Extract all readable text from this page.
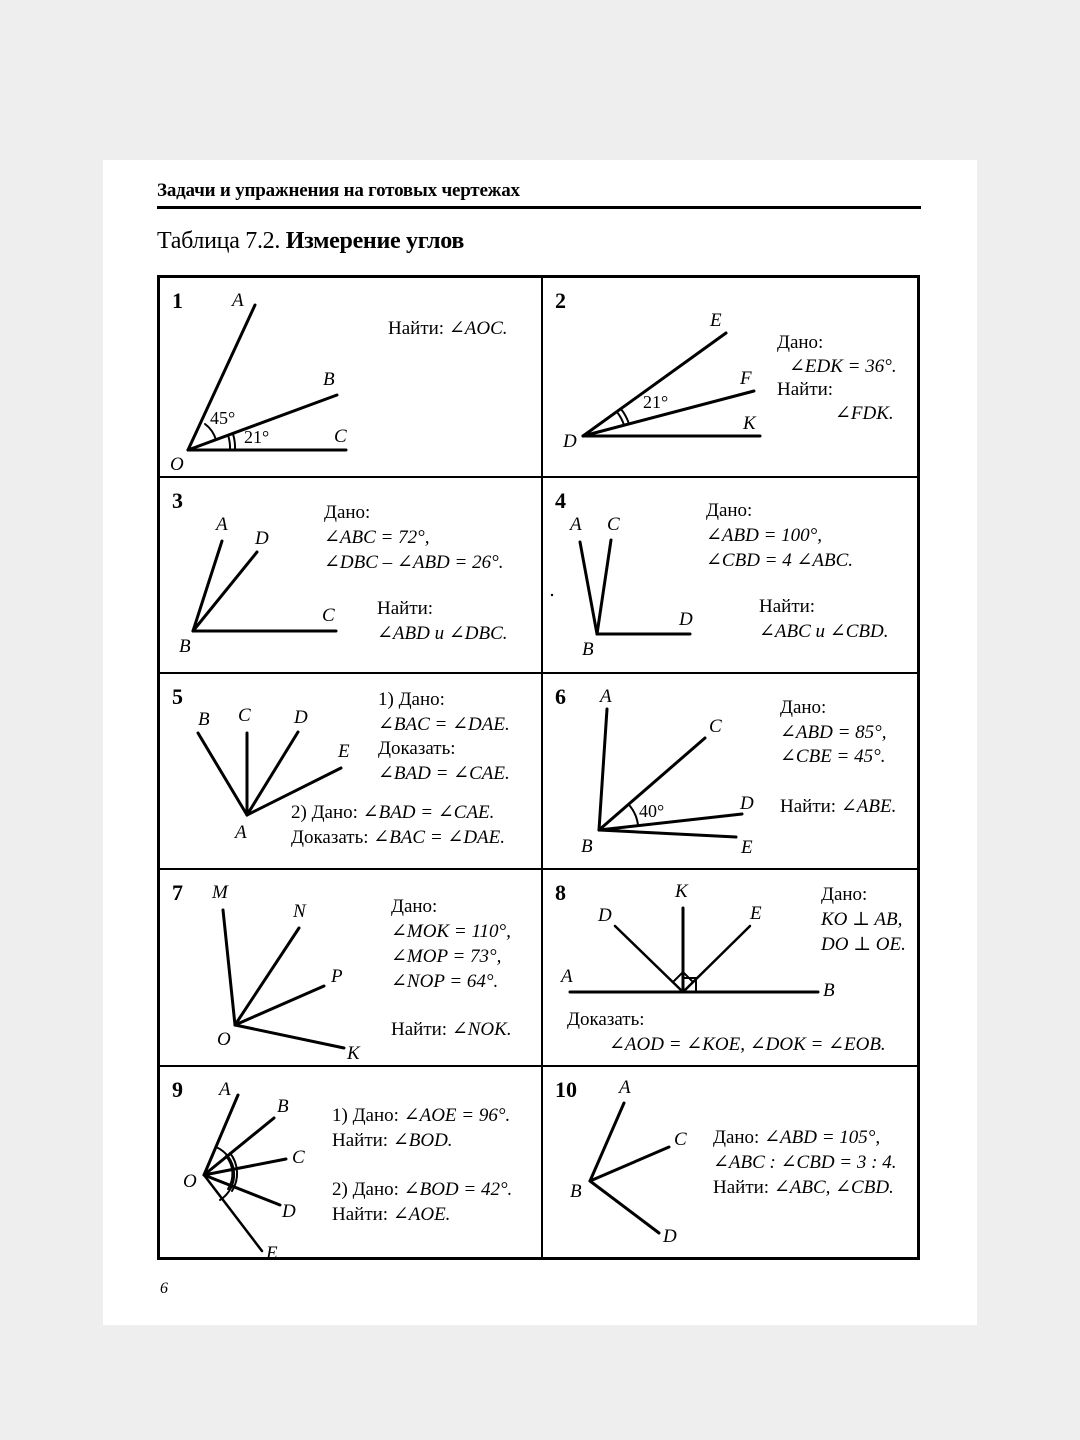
Задачи и упражнения на готовых чертежах
Таблица 7.2. Измерение углов
1	A
B
C
O
45°
21°
Найти: ∠AOC.
2
E
F
K
D
21°
Дано:
∠EDK = 36°.
Найти:
∠FDK.
3
A
D
C
B
Дано:
∠ABC = 72°,
∠DBC – ∠ABD = 26°.
Найти:
∠ABD и ∠DBC.
4
A C
D
B
Дано:
∠ABD = 100°,
∠CBD = 4 ∠ABC.
Найти:
∠ABC и ∠CBD.
5
B C D
E
A
1) Дано:
∠BAC = ∠DAE.
Доказать:
∠BAD = ∠CAE.
2) Дано: ∠BAD = ∠CAE.
Доказать: ∠BAC = ∠DAE.
6 A
C
D
B	E
40°
Дано:
∠ABD = 85°,
∠CBE = 45°.
Найти: ∠ABE.
7 M
N
P
O
K
Дано:
∠MOK = 110°,
∠MOP = 73°,
∠NOP = 64°.
Найти: ∠NOK.
8	K
D	E
A
B
Дано:
KO ⊥ AB,
DO ⊥ OE.
Доказать:
∠AOD = ∠KOE, ∠DOK = ∠EOB.
9 A
B
C
O
D
E
1) Дано: ∠AOE = 96°.
Найти: ∠BOD.
2) Дано: ∠BOD = 42°.
Найти: ∠AOE.
10 A
C
B
D
Дано: ∠ABD = 105°,
∠ABC : ∠CBD = 3 : 4.
Найти: ∠ABC, ∠CBD.
6
